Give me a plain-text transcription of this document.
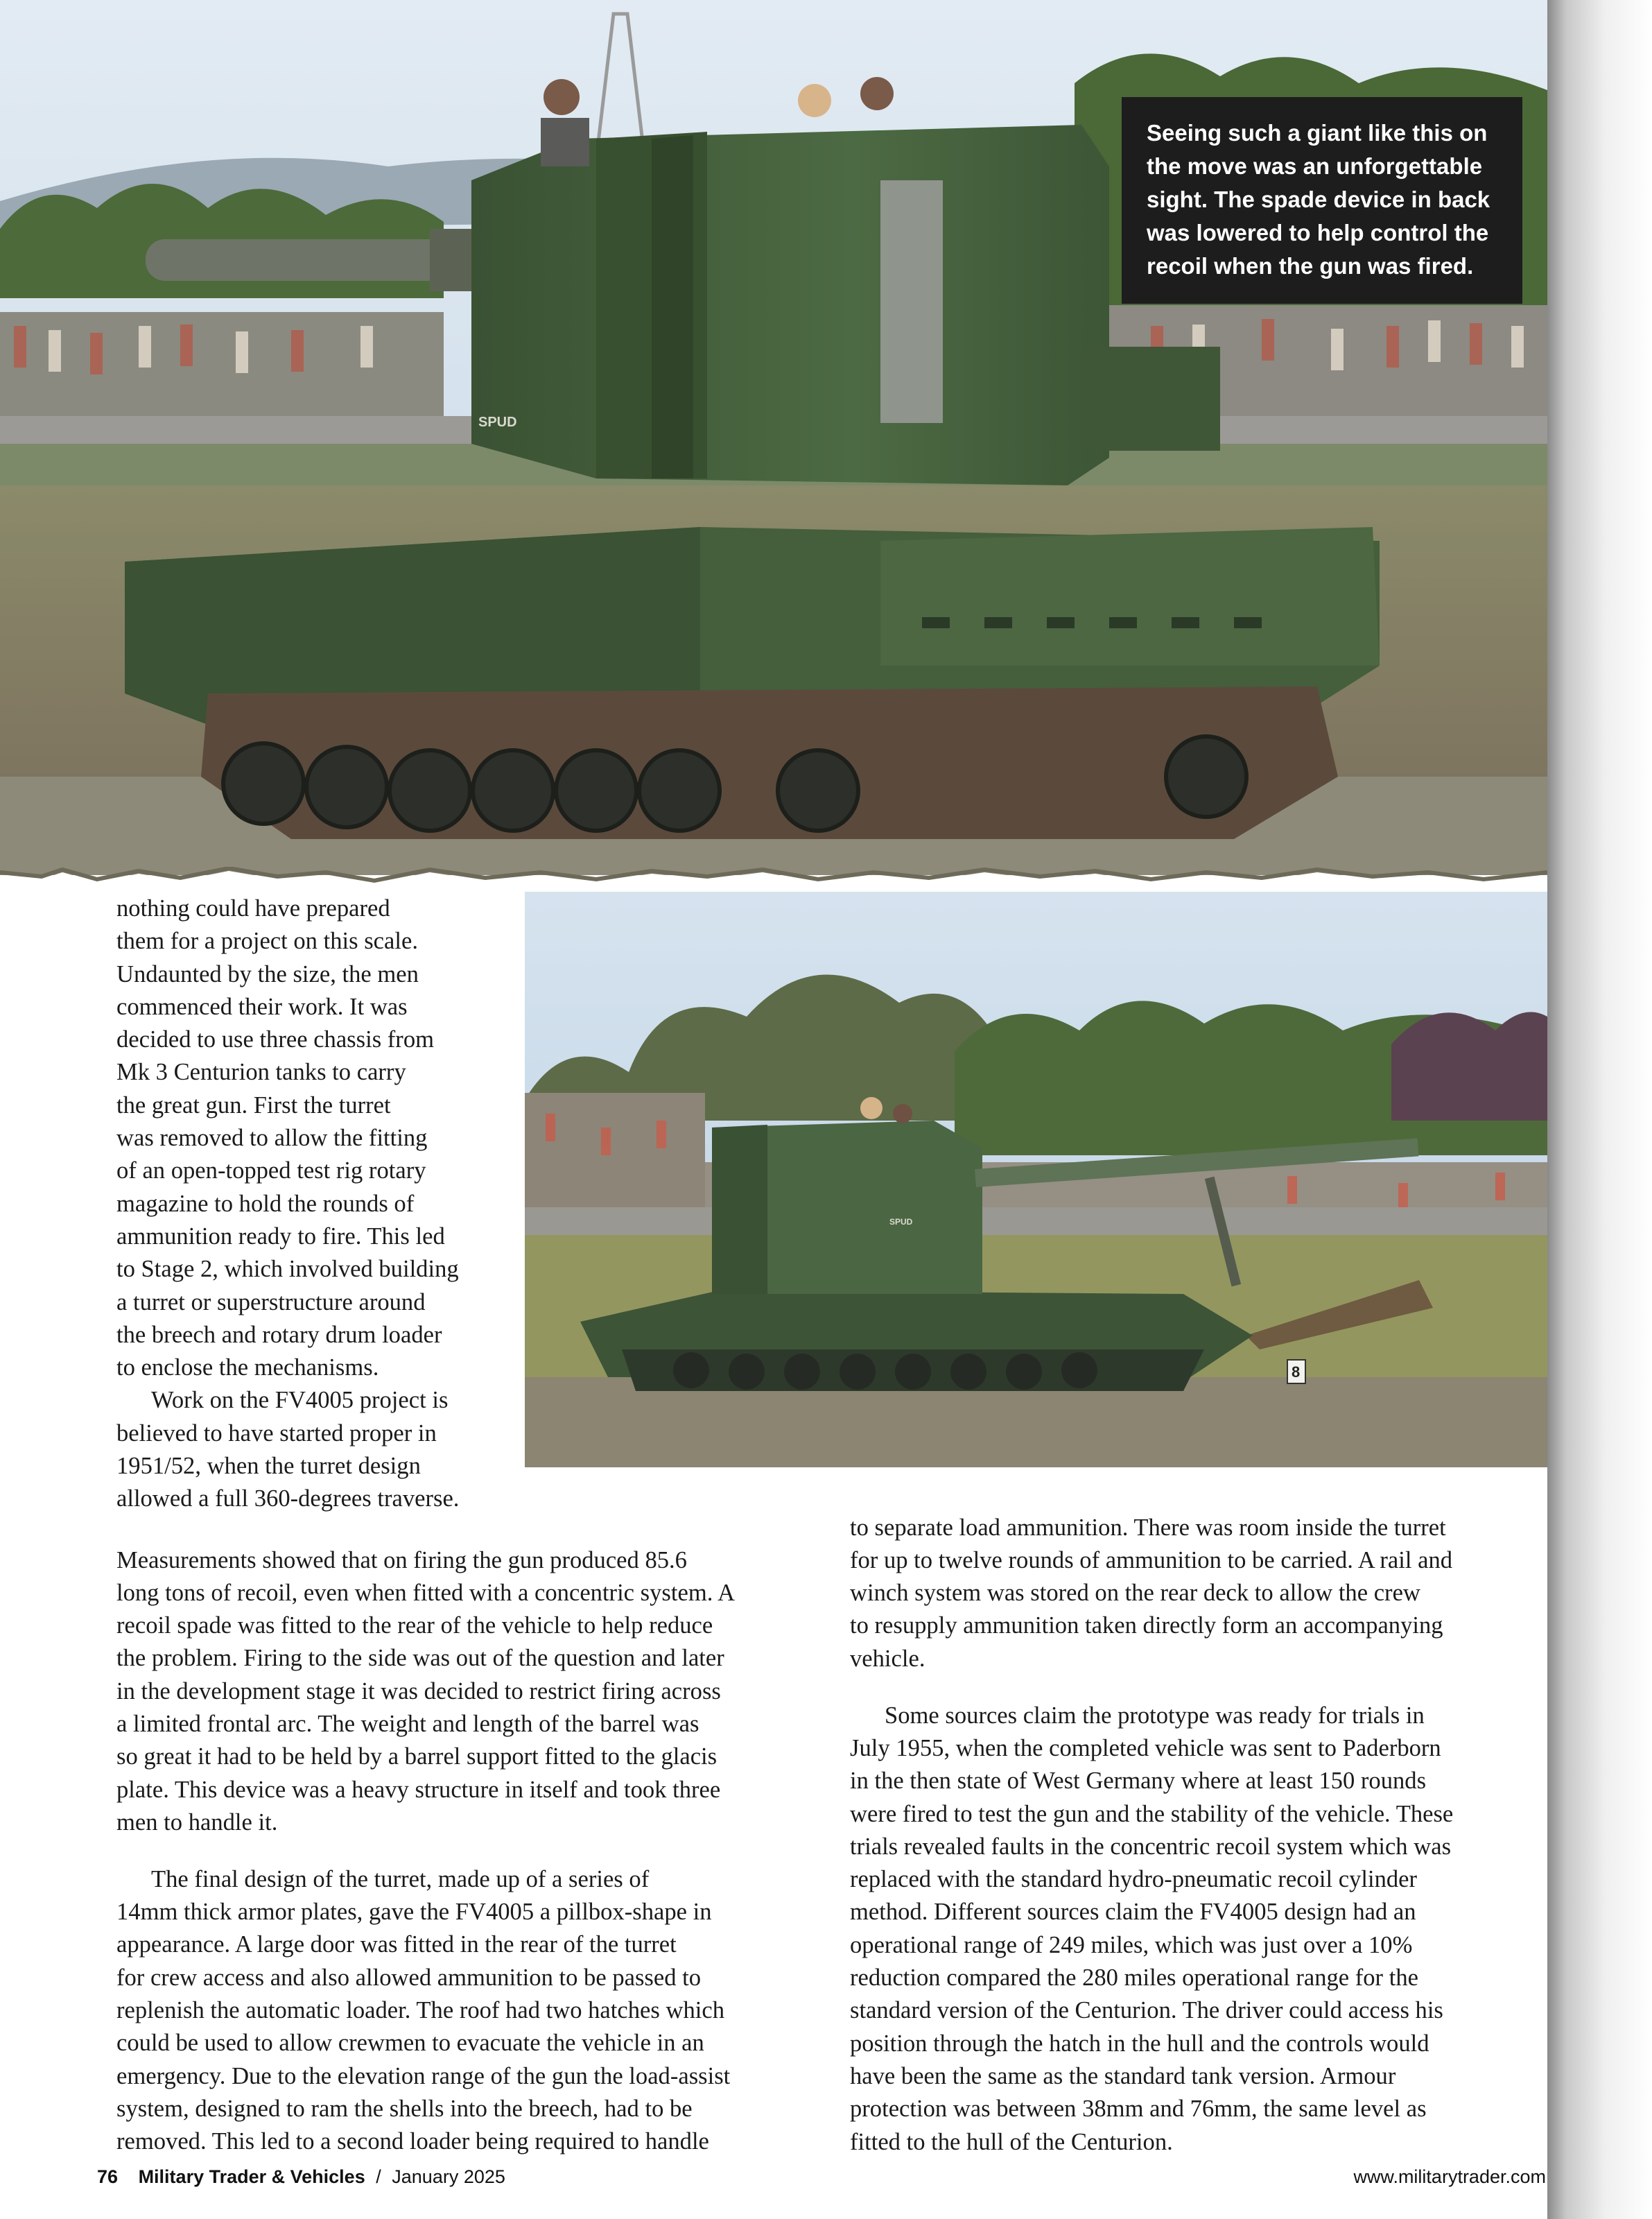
SPUD
Seeing such a giant like this on
the move was an unforgettable
sight. The spade device in back
was lowered to help control the
recoil when the gun was fired.
SPUD
8

nothing could have prepared
them for a project on this scale.
Undaunted by the size, the men
commenced their work. It was
decided to use three chassis from
Mk 3 Centurion tanks to carry
the great gun. First the turret
was removed to allow the fitting
of an open-topped test rig rotary
magazine to hold the rounds of
ammunition ready to fire. This led
to Stage 2, which involved building
a turret or superstructure around
the breech and rotary drum loader
to enclose the mechanisms.

Work on the FV4005 project is
believed to have started proper in
1951/52, when the turret design
allowed a full 360-degrees traverse.

Measurements showed that on firing the gun produced 85.6
long tons of recoil, even when fitted with a concentric system. A
recoil spade was fitted to the rear of the vehicle to help reduce
the problem. Firing to the side was out of the question and later
in the development stage it was decided to restrict firing across
a limited frontal arc. The weight and length of the barrel was
so great it had to be held by a barrel support fitted to the glacis
plate. This device was a heavy structure in itself and took three
men to handle it.

The final design of the turret, made up of a series of
14mm thick armor plates, gave the FV4005 a pillbox-shape in
appearance. A large door was fitted in the rear of the turret
for crew access and also allowed ammunition to be passed to
replenish the automatic loader. The roof had two hatches which
could be used to allow crewmen to evacuate the vehicle in an
emergency. Due to the elevation range of the gun the load-assist
system, designed to ram the shells into the breech, had to be
removed. This led to a second loader being required to handle

to separate load ammunition. There was room inside the turret
for up to twelve rounds of ammunition to be carried. A rail and
winch system was stored on the rear deck to allow the crew
to resupply ammunition taken directly form an accompanying
vehicle.

Some sources claim the prototype was ready for trials in
July 1955, when the completed vehicle was sent to Paderborn
in the then state of West Germany where at least 150 rounds
were fired to test the gun and the stability of the vehicle. These
trials revealed faults in the concentric recoil system which was
replaced with the standard hydro-pneumatic recoil cylinder
method. Different sources claim the FV4005 design had an
operational range of 249 miles, which was just over a 10%
reduction compared the 280 miles operational range for the
standard version of the Centurion. The driver could access his
position through the hatch in the hull and the controls would
have been the same as the standard tank version. Armour
protection was between 38mm and 76mm, the same level as
fitted to the hull of the Centurion.

76 Military Trader & Vehicles / January 2025	www.militarytrader.com
